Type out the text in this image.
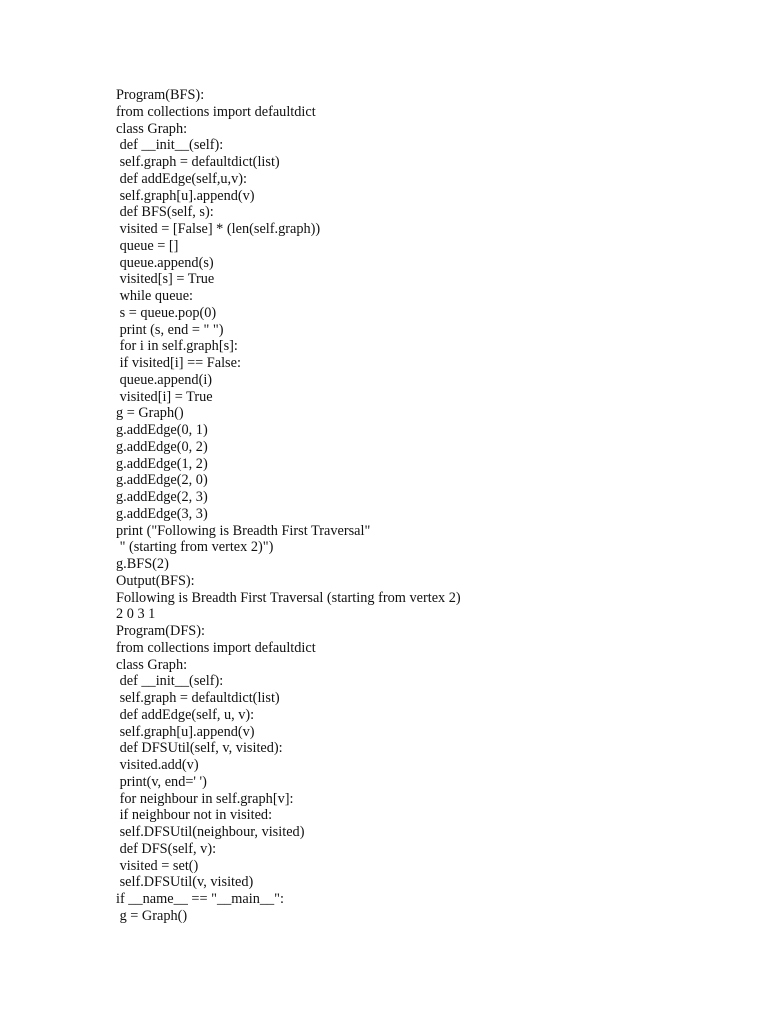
Program(BFS):
from collections import defaultdict
class Graph:
def __init__(self):
self.graph = defaultdict(list)
def addEdge(self,u,v):
self.graph[u].append(v)
def BFS(self, s):
visited = [False] * (len(self.graph))
queue = []
queue.append(s)
visited[s] = True
while queue:
s = queue.pop(0)
print (s, end = " ")
for i in self.graph[s]:
if visited[i] == False:
queue.append(i)
visited[i] = True
g = Graph()
g.addEdge(0, 1)
g.addEdge(0, 2)
g.addEdge(1, 2)
g.addEdge(2, 0)
g.addEdge(2, 3)
g.addEdge(3, 3)
print ("Following is Breadth First Traversal"
" (starting from vertex 2)")
g.BFS(2)
Output(BFS):
Following is Breadth First Traversal (starting from vertex 2)
2 0 3 1
Program(DFS):
from collections import defaultdict
class Graph:
def __init__(self):
self.graph = defaultdict(list)
def addEdge(self, u, v):
self.graph[u].append(v)
def DFSUtil(self, v, visited):
visited.add(v)
print(v, end=' ')
for neighbour in self.graph[v]:
if neighbour not in visited:
self.DFSUtil(neighbour, visited)
def DFS(self, v):
visited = set()
self.DFSUtil(v, visited)
if __name__ == "__main__":
g = Graph()
